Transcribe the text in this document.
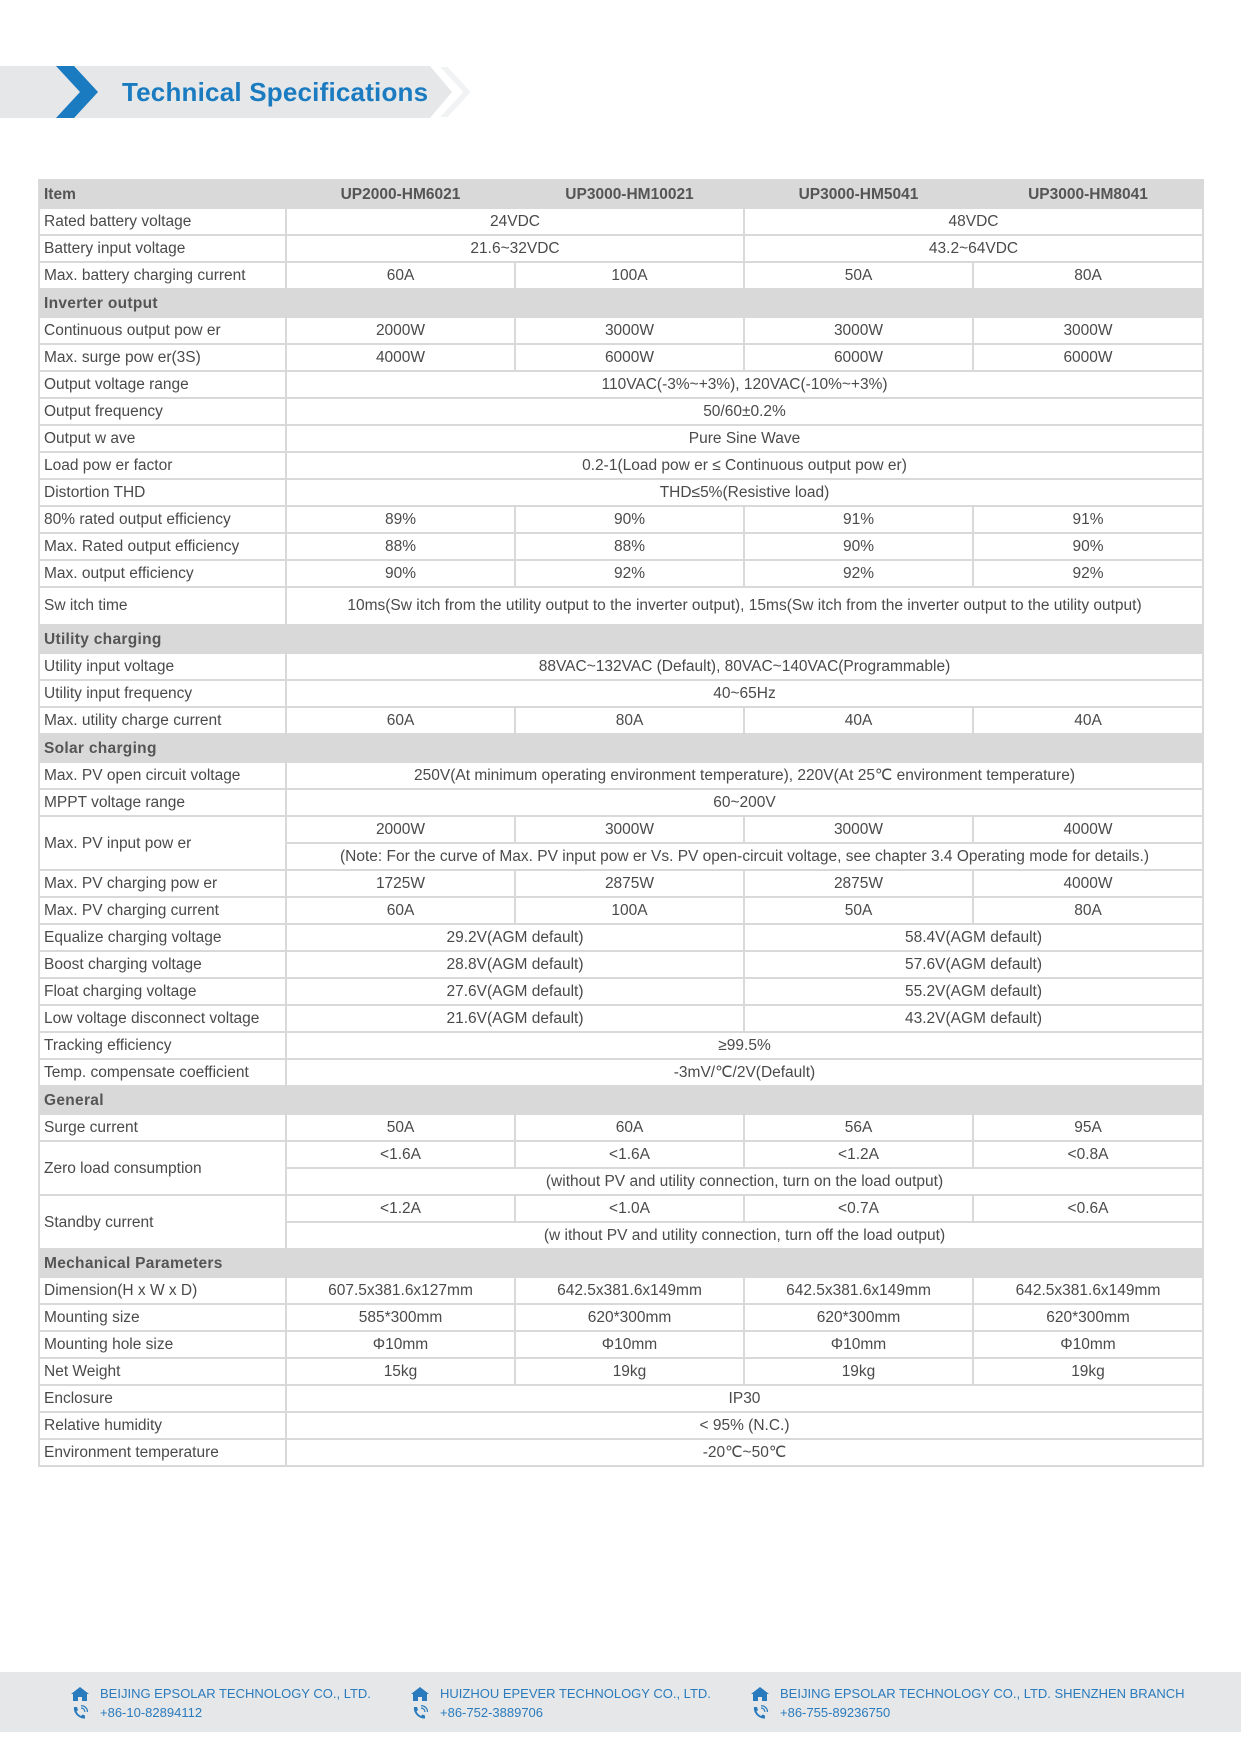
Technical Specifications
Item	UP2000-HM6021	UP3000-HM10021	UP3000-HM5041	UP3000-HM8041
Rated battery voltage	24VDC		48VDC	
Battery input voltage	21.6~32VDC		43.2~64VDC	
Max. battery charging current	60A	100A	50A	80A
Inverter output				
Continuous output pow er	2000W	3000W	3000W	3000W
Max. surge pow er(3S)	4000W	6000W	6000W	6000W
Output voltage range	110VAC(-3%~+3%), 120VAC(-10%~+3%)			
Output frequency	50/60±0.2%			
Output w ave	Pure Sine Wave			
Load pow er factor	0.2-1(Load pow er ≤ Continuous output pow er)			
Distortion THD	THD≤5%(Resistive load)			
80% rated output efficiency	89%	90%	91%	91%
Max. Rated output efficiency	88%	88%	90%	90%
Max. output efficiency	90%	92%	92%	92%
Sw itch time	10ms(Sw itch from the utility output to the inverter output), 15ms(Sw itch from the inverter output to the utility output)			
Utility charging				
Utility input voltage	88VAC~132VAC (Default), 80VAC~140VAC(Programmable)			
Utility input frequency	40~65Hz			
Max. utility charge current	60A	80A	40A	40A
Solar charging				
Max. PV open circuit voltage	250V(At minimum operating environment temperature), 220V(At 25℃ environment temperature)			
MPPT voltage range	60~200V			
Max. PV input pow er	2000W	3000W	3000W	4000W
	(Note: For the curve of Max. PV input pow er Vs. PV open-circuit voltage, see chapter 3.4 Operating mode for details.)			
Max. PV charging pow er	1725W	2875W	2875W	4000W
Max. PV charging current	60A	100A	50A	80A
Equalize charging voltage	29.2V(AGM default)		58.4V(AGM default)	
Boost charging voltage	28.8V(AGM default)		57.6V(AGM default)	
Float charging voltage	27.6V(AGM default)		55.2V(AGM default)	
Low voltage disconnect voltage	21.6V(AGM default)		43.2V(AGM default)	
Tracking efficiency	≥99.5%			
Temp. compensate coefficient	-3mV/℃/2V(Default)			
General				
Surge current	50A	60A	56A	95A
Zero load consumption	<1.6A	<1.6A	<1.2A	<0.8A
	(without PV and utility connection, turn on the load output)			
Standby current	<1.2A	<1.0A	<0.7A	<0.6A
	(w ithout PV and utility connection, turn off the load output)			
Mechanical Parameters				
Dimension(H x W x D)	607.5x381.6x127mm	642.5x381.6x149mm	642.5x381.6x149mm	642.5x381.6x149mm
Mounting size	585*300mm	620*300mm	620*300mm	620*300mm
Mounting hole size	Φ10mm	Φ10mm	Φ10mm	Φ10mm
Net Weight	15kg	19kg	19kg	19kg
Enclosure	IP30			
Relative humidity	< 95% (N.C.)			
Environment temperature	-20℃~50℃			
BEIJING EPSOLAR TECHNOLOGY CO., LTD.
+86-10-82894112
HUIZHOU EPEVER TECHNOLOGY CO., LTD.
+86-752-3889706
BEIJING EPSOLAR TECHNOLOGY CO., LTD. SHENZHEN BRANCH
+86-755-89236750
